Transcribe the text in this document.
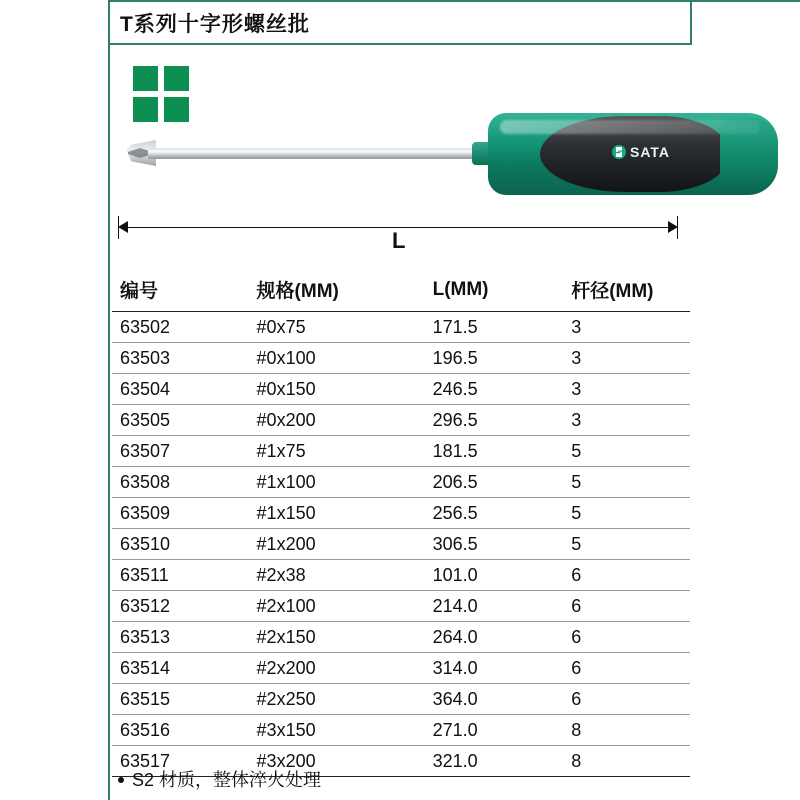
T系列十字形螺丝批
SATA
L
编号	规格(MM)	L(MM)	杆径(MM)
63502	#0x75	171.5	3
63503	#0x100	196.5	3
63504	#0x150	246.5	3
63505	#0x200	296.5	3
63507	#1x75	181.5	5
63508	#1x100	206.5	5
63509	#1x150	256.5	5
63510	#1x200	306.5	5
63511	#2x38	101.0	6
63512	#2x100	214.0	6
63513	#2x150	264.0	6
63514	#2x200	314.0	6
63515	#2x250	364.0	6
63516	#3x150	271.0	8
63517	#3x200	321.0	8
S2 材质，整体淬火处理
